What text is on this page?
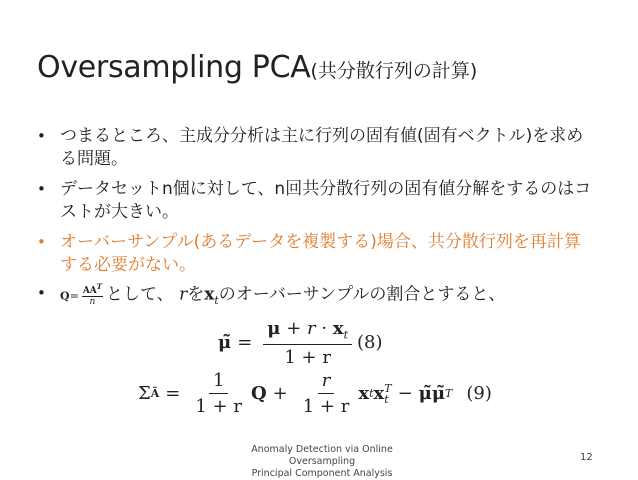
Oversampling PCA(共分散行列の計算)
• つまるところ、主成分分析は主に行列の固有値(固有ベクトル)を求める問題。
• データセットn個に対して、n回共分散行列の固有値分解をするのはコストが大きい。
• オーバーサンプル(あるデータを複製する)場合、共分散行列を再計算する必要がない。
• $Q= \frac{AA^T}{n}$ として、 rを$x_t$のオーバーサンプルの割合とすると、
μ̃ = $\frac{\mu + r \cdot x_t}{1 + r} (8)$
Σ Ã = $\frac{1}{1 + r}$ $Q + \frac{r}{1 + r}$ x t x T
t − μ̃μ̃ T (9)
Anomaly Detection via Online Oversampling
Principal Component Analysis
12
